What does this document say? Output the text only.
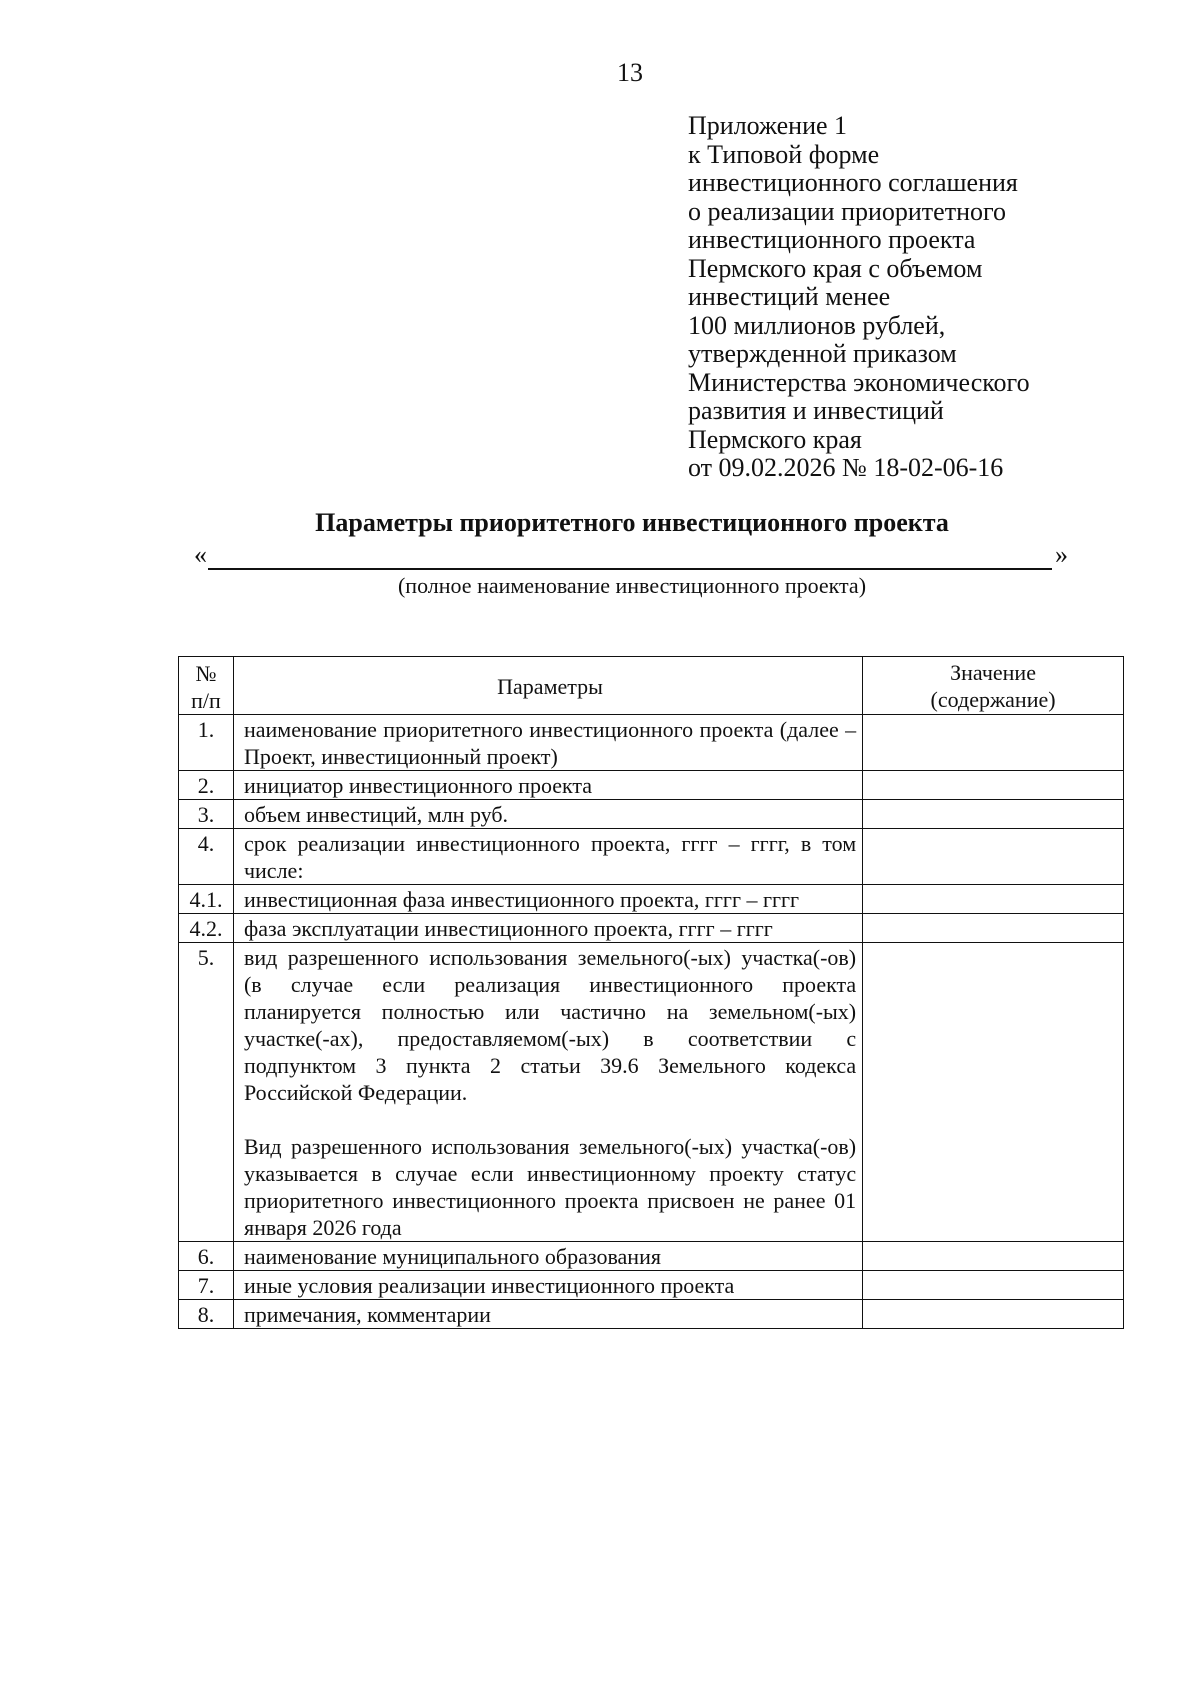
13
Приложение 1
к Типовой форме
инвестиционного соглашения
о реализации приоритетного
инвестиционного проекта
Пермского края с объемом
инвестиций менее
100 миллионов рублей,
утвержденной приказом
Министерства экономического
развития и инвестиций
Пермского края
от 09.02.2026 № 18-02-06-16
Параметры приоритетного инвестиционного проекта
«	»
(полное наименование инвестиционного проекта)
№ п/п	Параметры	Значение (содержание)
1.	наименование приоритетного инвестиционного проекта (далее – Проект, инвестиционный проект)	
2.	инициатор инвестиционного проекта	
3.	объем инвестиций, млн руб.	
4.	срок реализации инвестиционного проекта, гггг – гггг, в том числе:	
4.1.	инвестиционная фаза инвестиционного проекта, гггг – гггг	
4.2.	фаза эксплуатации инвестиционного проекта, гггг – гггг	
5.	вид разрешенного использования земельного(-ых) участка(-ов) (в случае если реализация инвестиционного проекта планируется полностью или частично на земельном(-ых) участке(-ах), предоставляемом(-ых) в соответствии с подпунктом 3 пункта 2 статьи 39.6 Земельного кодекса Российской Федерации.
Вид разрешенного использования земельного(-ых) участка(-ов) указывается в случае если инвестиционному проекту статус приоритетного инвестиционного проекта присвоен не ранее 01 января 2026 года	

6.	наименование муниципального образования	
7.	иные условия реализации инвестиционного проекта	
8.	примечания, комментарии	
